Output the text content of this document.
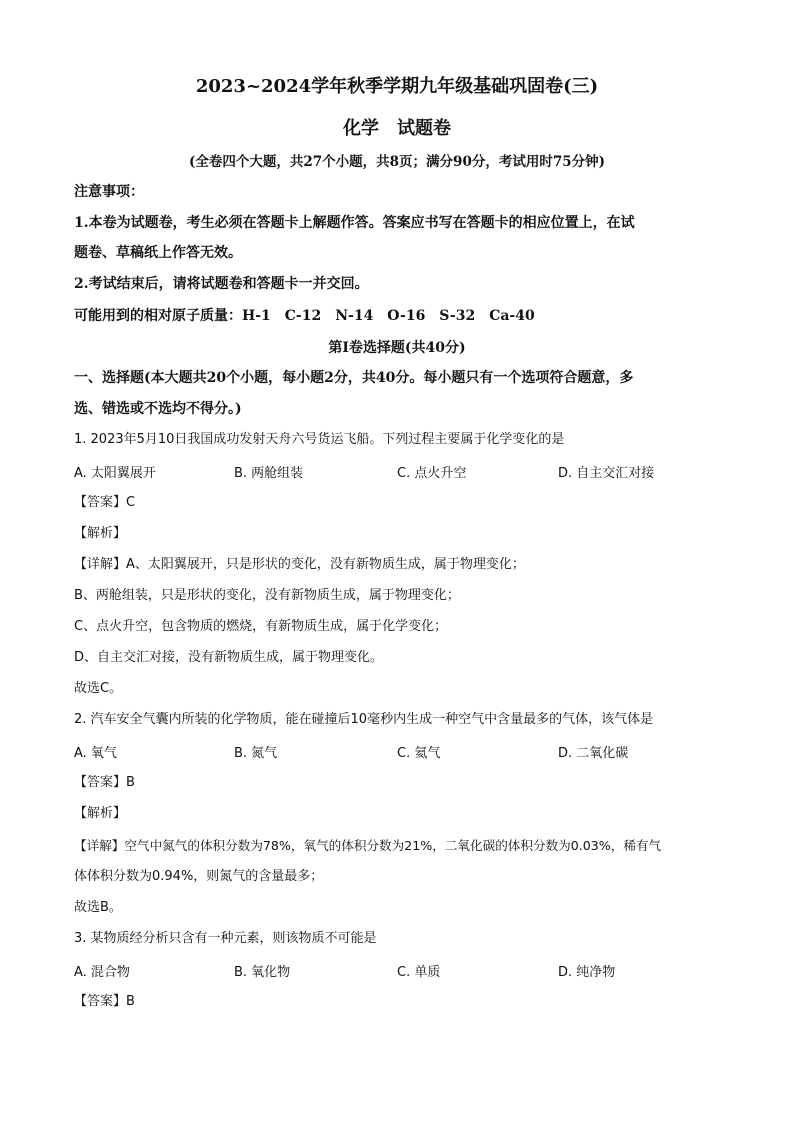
2023~2024学年秋季学期九年级基础巩固卷(三)
化学　试题卷
(全卷四个大题，共27个小题，共8页；满分90分，考试用时75分钟)
注意事项：
1.本卷为试题卷，考生必须在答题卡上解题作答。答案应书写在答题卡的相应位置上，在试
题卷、草稿纸上作答无效。
2.考试结束后，请将试题卷和答题卡一并交回。
可能用到的相对原子质量：H-1　C-12　N-14　O-16　S-32　Ca-40
第Ⅰ卷选择题(共40分)
一、选择题(本大题共20个小题，每小题2分，共40分。每小题只有一个选项符合题意，多
选、错选或不选均不得分。)
1. 2023年5月10日我国成功发射天舟六号货运飞船。下列过程主要属于化学变化的是
A. 太阳翼展开	B. 两舱组装	C. 点火升空	D. 自主交汇对接
【答案】C
【解析】
【详解】A、太阳翼展开，只是形状的变化，没有新物质生成，属于物理变化；
B、两舱组装，只是形状的变化，没有新物质生成，属于物理变化；
C、点火升空，包含物质的燃烧，有新物质生成，属于化学变化；
D、自主交汇对接，没有新物质生成，属于物理变化。
故选C。
2. 汽车安全气囊内所装的化学物质，能在碰撞后10毫秒内生成一种空气中含量最多的气体，该气体是
A. 氧气	B. 氮气	C. 氦气	D. 二氧化碳
【答案】B
【解析】
【详解】空气中氮气的体积分数为78%，氧气的体积分数为21%，二氧化碳的体积分数为0.03%，稀有气
体体积分数为0.94%，则氮气的含量最多；
故选B。
3. 某物质经分析只含有一种元素，则该物质不可能是
A. 混合物	B. 氧化物	C. 单质	D. 纯净物
【答案】B
